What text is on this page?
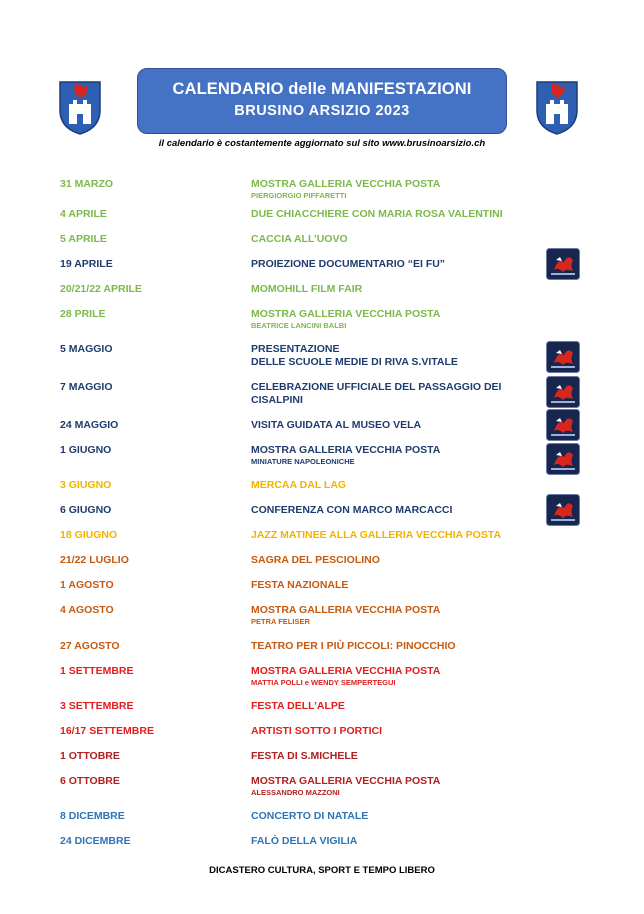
CALENDARIO delle MANIFESTAZIONI
BRUSINO ARSIZIO 2023
il calendario è costantemente aggiornato sul sito www.brusinoarsizio.ch
31 MARZO	MOSTRA GALLERIA VECCHIA POSTA
PIERGIORGIO PIFFARETTI
4 APRILE	DUE CHIACCHIERE CON MARIA ROSA VALENTINI
5 APRILE	CACCIA ALL’UOVO
19 APRILE	PROIEZIONE DOCUMENTARIO “EI FU”
20/21/22 APRILE	MOMOHILL FILM FAIR
28 PRILE	MOSTRA GALLERIA VECCHIA POSTA
BEATRICE LANCINI BALBI
5 MAGGIO	PRESENTAZIONE
DELLE SCUOLE MEDIE DI RIVA S.VITALE
7 MAGGIO	CELEBRAZIONE UFFICIALE DEL PASSAGGIO DEI
CISALPINI
24 MAGGIO	VISITA GUIDATA AL MUSEO VELA
1 GIUGNO	MOSTRA GALLERIA VECCHIA POSTA
MINIATURE NAPOLEONICHE
3 GIUGNO	MERCAA DAL LAG
6 GIUGNO	CONFERENZA CON MARCO MARCACCI
18 GIUGNO	JAZZ MATINEE ALLA GALLERIA VECCHIA POSTA
21/22 LUGLIO	SAGRA DEL PESCIOLINO
1 AGOSTO	FESTA NAZIONALE
4 AGOSTO	MOSTRA GALLERIA VECCHIA POSTA
PETRA FELISER
27 AGOSTO	TEATRO PER I PIÙ PICCOLI: PINOCCHIO
1 SETTEMBRE	MOSTRA GALLERIA VECCHIA POSTA
MATTIA POLLI e WENDY SEMPERTEGUI
3 SETTEMBRE	FESTA DELL’ALPE
16/17 SETTEMBRE	ARTISTI SOTTO I PORTICI
1 OTTOBRE	FESTA DI S.MICHELE
6 OTTOBRE	MOSTRA GALLERIA VECCHIA POSTA
ALESSANDRO MAZZONI
8 DICEMBRE	CONCERTO DI NATALE
24 DICEMBRE	FALÒ DELLA VIGILIA
DICASTERO CULTURA, SPORT E TEMPO LIBERO
